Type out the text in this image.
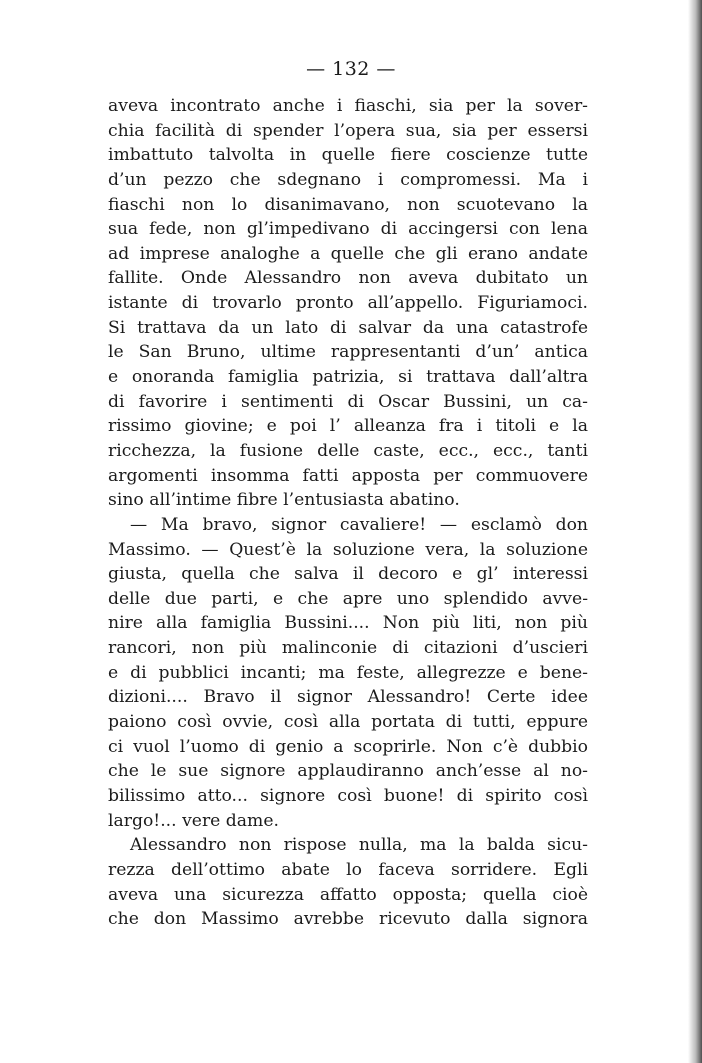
— 132 —
aveva incontrato anche i fiaschi, sia per la sover-
chia facilità di spender l’opera sua, sia per essersi
imbattuto talvolta in quelle fiere coscienze tutte
d’un pezzo che sdegnano i compromessi. Ma i
fiaschi non lo disanimavano, non scuotevano la
sua fede, non gl’impedivano di accingersi con lena
ad imprese analoghe a quelle che gli erano andate
fallite. Onde Alessandro non aveva dubitato un
istante di trovarlo pronto all’appello. Figuriamoci.
Si trattava da un lato di salvar da una catastrofe
le San Bruno, ultime rappresentanti d’un’ antica
e onoranda famiglia patrizia, si trattava dall’altra
di favorire i sentimenti di Oscar Bussini, un ca-
rissimo giovine; e poi l’ alleanza fra i titoli e la
ricchezza, la fusione delle caste, ecc., ecc., tanti
argomenti insomma fatti apposta per commuovere
sino all’intime fibre l’entusiasta abatino.
— Ma bravo, signor cavaliere! — esclamò don
Massimo. — Quest’è la soluzione vera, la soluzione
giusta, quella che salva il decoro e gl’ interessi
delle due parti, e che apre uno splendido avve-
nire alla famiglia Bussini.... Non più liti, non più
rancori, non più malinconie di citazioni d’uscieri
e di pubblici incanti; ma feste, allegrezze e bene-
dizioni.... Bravo il signor Alessandro! Certe idee
paiono così ovvie, così alla portata di tutti, eppure
ci vuol l’uomo di genio a scoprirle. Non c’è dubbio
che le sue signore applaudiranno anch’esse al no-
bilissimo atto... signore così buone! di spirito così
largo!... vere dame.
Alessandro non rispose nulla, ma la balda sicu-
rezza dell’ottimo abate lo faceva sorridere. Egli
aveva una sicurezza affatto opposta; quella cioè
che don Massimo avrebbe ricevuto dalla signora
